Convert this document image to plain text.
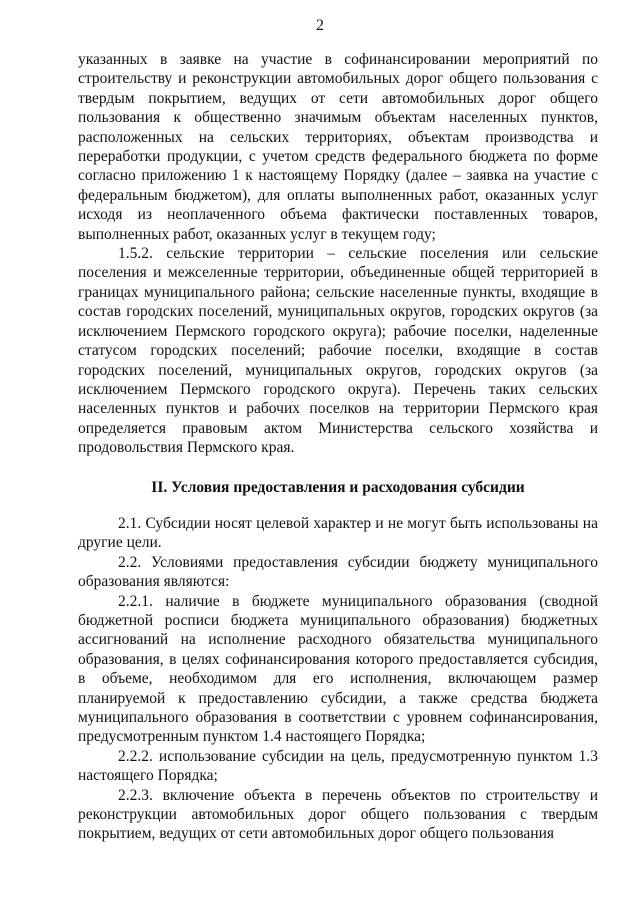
2

указанных в заявке на участие в софинансировании мероприятий по строительству и реконструкции автомобильных дорог общего пользования с твердым покрытием, ведущих от сети автомобильных дорог общего пользования к общественно значимым объектам населенных пунктов, расположенных на сельских территориях, объектам производства и переработки продукции, с учетом средств федерального бюджета по форме согласно приложению 1 к настоящему Порядку (далее – заявка на участие с федеральным бюджетом), для оплаты выполненных работ, оказанных услуг исходя из неоплаченного объема фактически поставленных товаров, выполненных работ, оказанных услуг в текущем году;

1.5.2. сельские территории – сельские поселения или сельские поселения и межселенные территории, объединенные общей территорией в границах муниципального района; сельские населенные пункты, входящие в состав городских поселений, муниципальных округов, городских округов (за исключением Пермского городского округа); рабочие поселки, наделенные статусом городских поселений; рабочие поселки, входящие в состав городских поселений, муниципальных округов, городских округов (за исключением Пермского городского округа). Перечень таких сельских населенных пунктов и рабочих поселков на территории Пермского края определяется правовым актом Министерства сельского хозяйства и продовольствия Пермского края.

II. Условия предоставления и расходования субсидии

2.1. Субсидии носят целевой характер и не могут быть использованы на другие цели.

2.2. Условиями предоставления субсидии бюджету муниципального образования являются:

2.2.1. наличие в бюджете муниципального образования (сводной бюджетной росписи бюджета муниципального образования) бюджетных ассигнований на исполнение расходного обязательства муниципального образования, в целях софинансирования которого предоставляется субсидия, в объеме, необходимом для его исполнения, включающем размер планируемой к предоставлению субсидии, а также средства бюджета муниципального образования в соответствии с уровнем софинансирования, предусмотренным пунктом 1.4 настоящего Порядка;

2.2.2. использование субсидии на цель, предусмотренную пунктом 1.3 настоящего Порядка;

2.2.3. включение объекта в перечень объектов по строительству и реконструкции автомобильных дорог общего пользования с твердым покрытием, ведущих от сети автомобильных дорог общего пользования
